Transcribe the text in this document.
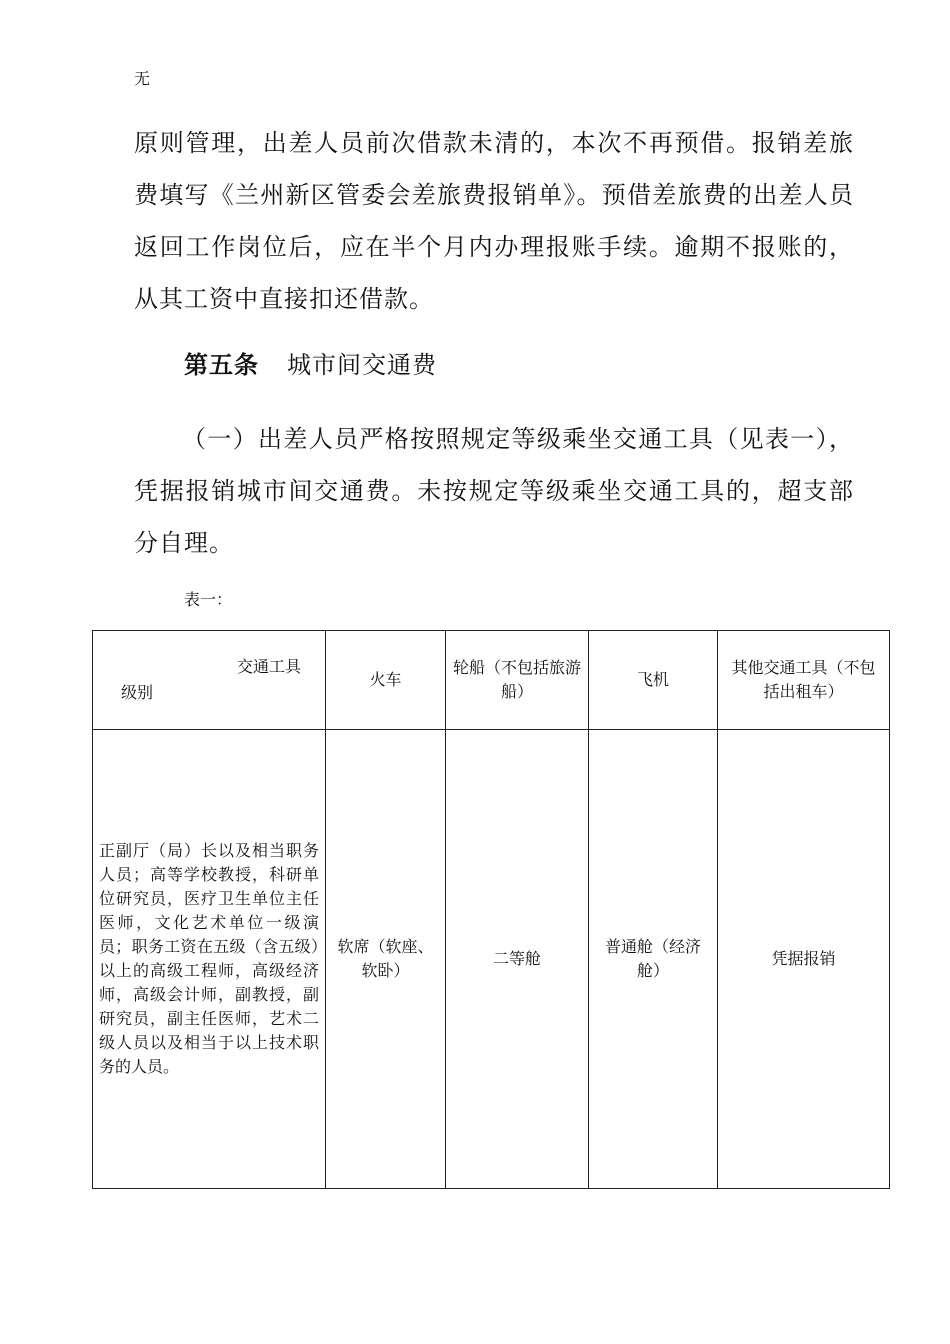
无
原则管理，出差人员前次借款未清的，本次不再预借。报销差旅费填写《兰州新区管委会差旅费报销单》。预借差旅费的出差人员返回工作岗位后，应在半个月内办理报账手续。逾期不报账的，从其工资中直接扣还借款。
第五条 城市间交通费
（一）出差人员严格按照规定等级乘坐交通工具（见表一），凭据报销城市间交通费。未按规定等级乘坐交通工具的，超支部分自理。
表一：
交通工具
级别	火车	轮船（不包括旅游船）	飞机	其他交通工具（不包括出租车）
正副厅（局）长以及相当职务人员；高等学校教授，科研单位研究员，医疗卫生单位主任医师，文化艺术单位一级演员；职务工资在五级（含五级）以上的高级工程师，高级经济师，高级会计师，副教授，副研究员，副主任医师，艺术二级人员以及相当于以上技术职务的人员。	软席（软座、软卧）	二等舱	普通舱（经济舱）	凭据报销
